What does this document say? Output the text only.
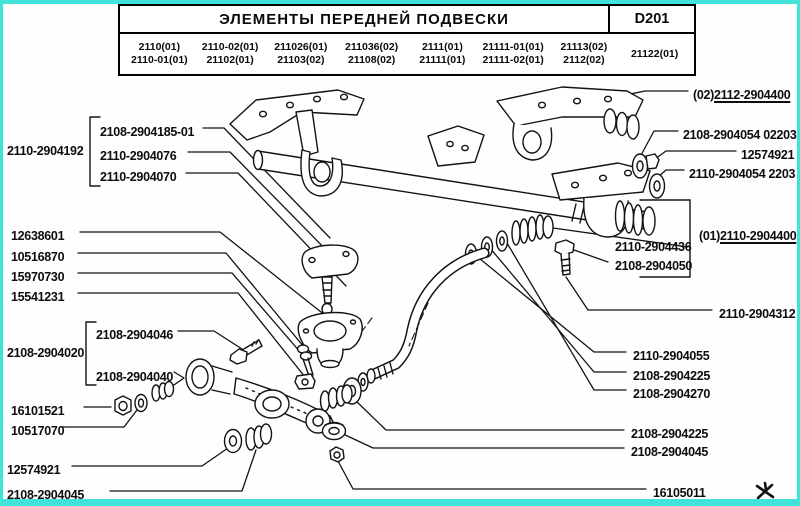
ЭЛЕМЕНТЫ ПЕРЕДНЕЙ ПОДВЕСКИ	D201
2110(01)
2110-01(01)
2110-02(01)
21102(01)
211026(01)
21103(02)
211036(02)
21108(02)
2111(01)
21111(01)
21111-01(01)
21111-02(01)
21113(02)
2112(02)
21122(01)
2110-2904192
2108-2904185-01
2110-2904076
2110-2904070
12638601
10516870
15970730
15541231
2108-2904020
2108-2904046
2108-2904040
16101521
10517070
12574921
2108-2904045
(02)2112-2904400
2108-2904054 02203
12574921
2110-2904054 2203
2110-2904436
2108-2904050
(01)2110-2904400
2110-2904312
2110-2904055
2108-2904225
2108-2904270
2108-2904225
2108-2904045
16105011
